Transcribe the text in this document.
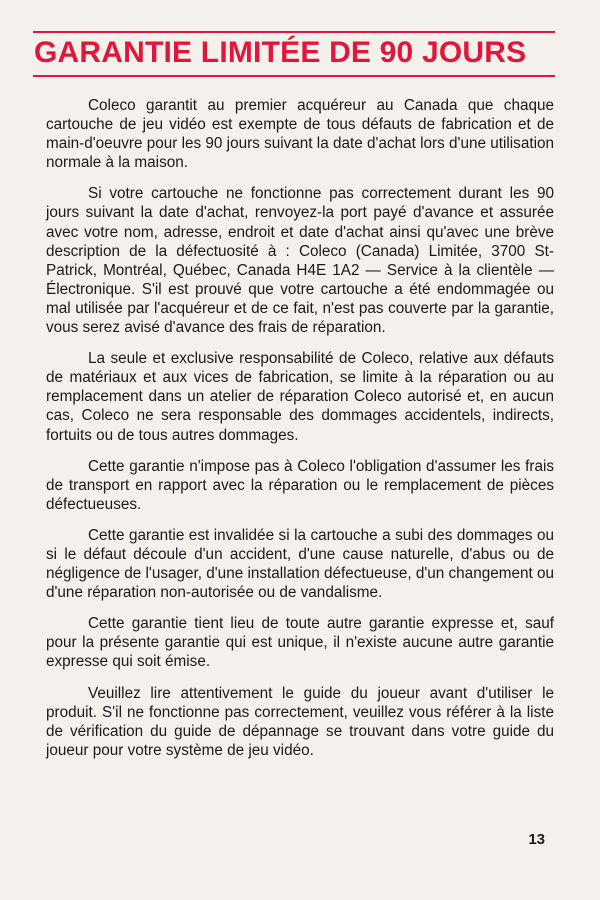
GARANTIE LIMITÉE DE 90 JOURS

Coleco garantit au premier acquéreur au Canada que chaque cartouche de jeu vidéo est exempte de tous défauts de fabrication et de main-d'oeuvre pour les 90 jours suivant la date d'achat lors d'une utilisation normale à la maison.

Si votre cartouche ne fonctionne pas correctement durant les 90 jours suivant la date d'achat, renvoyez-la port payé d'avance et assurée avec votre nom, adresse, endroit et date d'achat ainsi qu'avec une brève description de la défectuosité à : Coleco (Canada) Limitée, 3700 St-Patrick, Montréal, Québec, Canada H4E 1A2 — Service à la clientèle — Électronique. S'il est prouvé que votre cartouche a été endommagée ou mal utilisée par l'acquéreur et de ce fait, n'est pas couverte par la garantie, vous serez avisé d'avance des frais de réparation.

La seule et exclusive responsabilité de Coleco, relative aux défauts de matériaux et aux vices de fabrication, se limite à la réparation ou au remplacement dans un atelier de réparation Coleco autorisé et, en aucun cas, Coleco ne sera responsable des dommages accidentels, indirects, fortuits ou de tous autres dommages.

Cette garantie n'impose pas à Coleco l'obligation d'assumer les frais de transport en rapport avec la réparation ou le remplacement de pièces défectueuses.

Cette garantie est invalidée si la cartouche a subi des dommages ou si le défaut découle d'un accident, d'une cause naturelle, d'abus ou de négligence de l'usager, d'une installation défectueuse, d'un changement ou d'une réparation non-autorisée ou de vandalisme.

Cette garantie tient lieu de toute autre garantie expresse et, sauf pour la présente garantie qui est unique, il n'existe aucune autre garantie expresse qui soit émise.

Veuillez lire attentivement le guide du joueur avant d'utiliser le produit. S'il ne fonctionne pas correctement, veuillez vous référer à la liste de vérification du guide de dépannage se trouvant dans votre guide du joueur pour votre système de jeu vidéo.

13
